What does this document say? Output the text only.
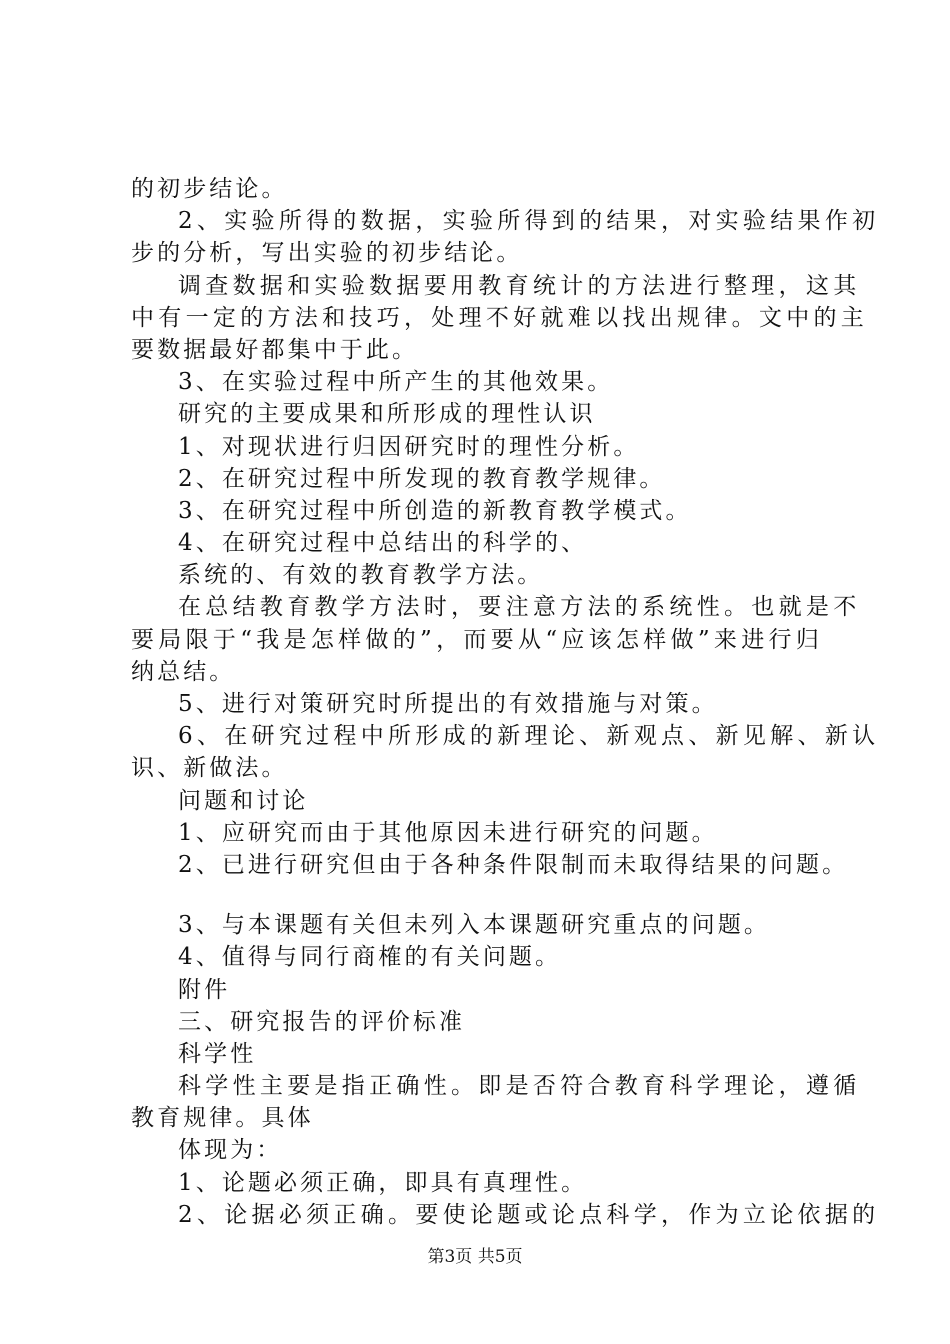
的初步结论。
2、实验所得的数据，实验所得到的结果，对实验结果作初
步的分析，写出实验的初步结论。
调查数据和实验数据要用教育统计的方法进行整理，这其
中有一定的方法和技巧，处理不好就难以找出规律。文中的主
要数据最好都集中于此。
3、在实验过程中所产生的其他效果。
研究的主要成果和所形成的理性认识
1、对现状进行归因研究时的理性分析。
2、在研究过程中所发现的教育教学规律。
3、在研究过程中所创造的新教育教学模式。
4、在研究过程中总结出的科学的、
系统的、有效的教育教学方法。
在总结教育教学方法时，要注意方法的系统性。也就是不
要局限于“我是怎样做的”，而要从“应该怎样做”来进行归
纳总结。
5、进行对策研究时所提出的有效措施与对策。
6、在研究过程中所形成的新理论、新观点、新见解、新认
识、新做法。
问题和讨论
1、应研究而由于其他原因未进行研究的问题。
2、已进行研究但由于各种条件限制而未取得结果的问题。
3、与本课题有关但未列入本课题研究重点的问题。
4、值得与同行商榷的有关问题。
附件
三、研究报告的评价标准
科学性
科学性主要是指正确性。即是否符合教育科学理论，遵循
教育规律。具体
体现为：
1、论题必须正确，即具有真理性。
2、论据必须正确。要使论题或论点科学，作为立论依据的
第3页 共5页
